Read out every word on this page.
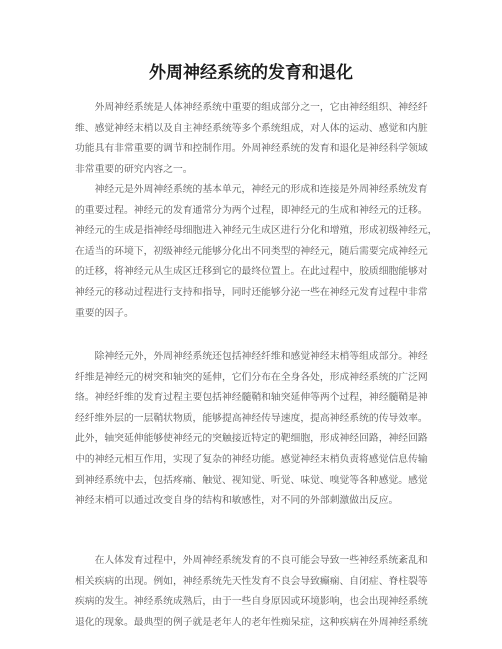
外周神经系统的发育和退化

　　外周神经系统是人体神经系统中重要的组成部分之一，它由神经组织、神经纤
维、感觉神经末梢以及自主神经系统等多个系统组成，对人体的运动、感觉和内脏
功能具有非常重要的调节和控制作用。外周神经系统的发育和退化是神经科学领域
非常重要的研究内容之一。

　　神经元是外周神经系统的基本单元，神经元的形成和连接是外周神经系统发育
的重要过程。神经元的发育通常分为两个过程，即神经元的生成和神经元的迁移。
神经元的生成是指神经母细胞进入神经元生成区进行分化和增殖，形成初级神经元，
在适当的环境下，初级神经元能够分化出不同类型的神经元，随后需要完成神经元
的迁移，将神经元从生成区迁移到它的最终位置上。在此过程中，胶质细胞能够对
神经元的移动过程进行支持和指导，同时还能够分泌一些在神经元发育过程中非常
重要的因子。

　　除神经元外，外周神经系统还包括神经纤维和感觉神经末梢等组成部分。神经
纤维是神经元的树突和轴突的延伸，它们分布在全身各处，形成神经系统的广泛网
络。神经纤维的发育过程主要包括神经髓鞘和轴突延伸等两个过程，神经髓鞘是神
经纤维外层的一层鞘状物质，能够提高神经传导速度，提高神经系统的传导效率。
此外，轴突延伸能够使神经元的突触接近特定的靶细胞，形成神经回路，神经回路
中的神经元相互作用，实现了复杂的神经功能。感觉神经末梢负责将感觉信息传输
到神经系统中去，包括疼痛、触觉、视知觉、听觉、味觉、嗅觉等各种感觉。感觉
神经末梢可以通过改变自身的结构和敏感性，对不同的外部刺激做出反应。

　　在人体发育过程中，外周神经系统发育的不良可能会导致一些神经系统紊乱和
相关疾病的出现。例如，神经系统先天性发育不良会导致癫痫、自闭症、脊柱裂等
疾病的发生。神经系统成熟后，由于一些自身原因或环境影响，也会出现神经系统
退化的现象。最典型的例子就是老年人的老年性痴呆症，这种疾病在外周神经系统
